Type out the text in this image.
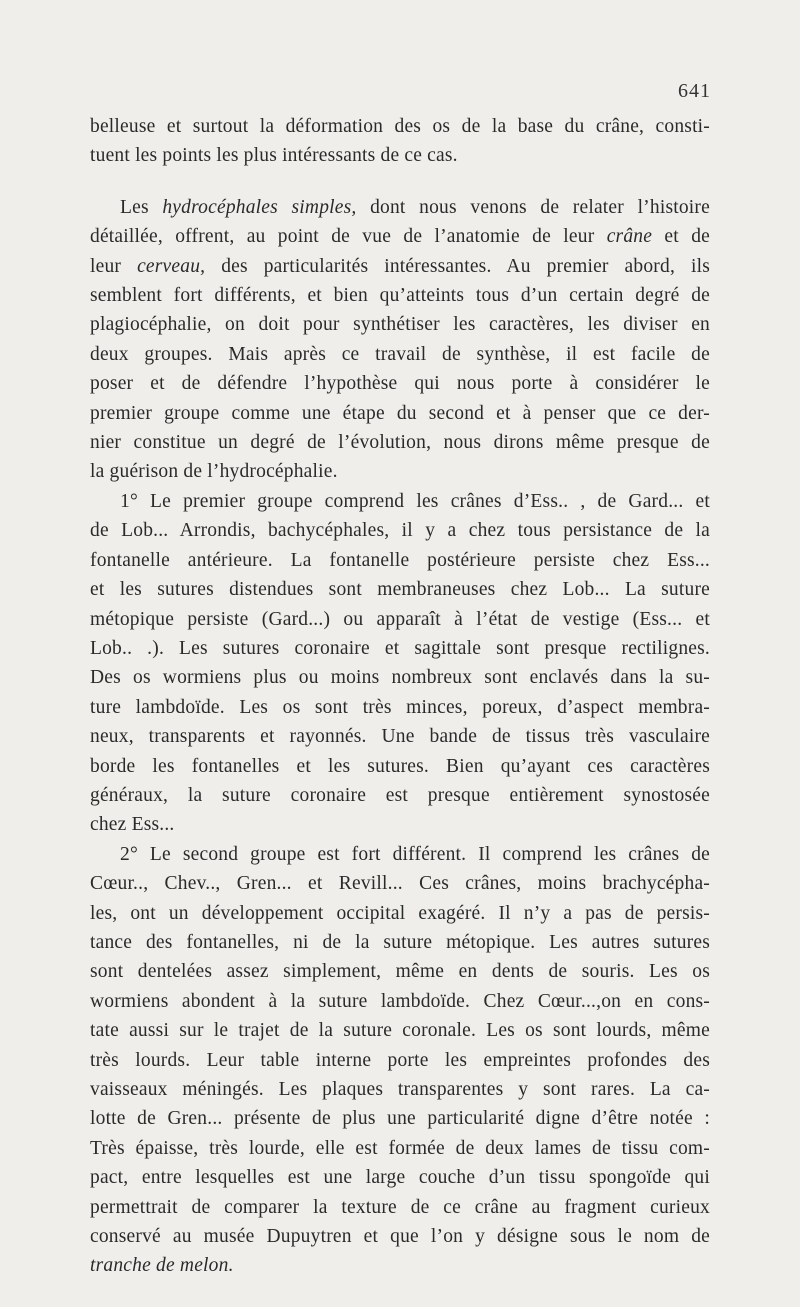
641
belleuse et surtout la déformation des os de la base du crâne, consti-
tuent les points les plus intéressants de ce cas.
Les hydrocéphales simples, dont nous venons de relater l’histoire
détaillée, offrent, au point de vue de l’anatomie de leur crâne et de
leur cerveau, des particularités intéressantes. Au premier abord, ils
semblent fort différents, et bien qu’atteints tous d’un certain degré de
plagiocéphalie, on doit pour synthétiser les caractères, les diviser en
deux groupes. Mais après ce travail de synthèse, il est facile de
poser et de défendre l’hypothèse qui nous porte à considérer le
premier groupe comme une étape du second et à penser que ce der-
nier constitue un degré de l’évolution, nous dirons même presque de
la guérison de l’hydrocéphalie.
1° Le premier groupe comprend les crânes d’Ess.. , de Gard... et
de Lob... Arrondis, bachycéphales, il y a chez tous persistance de la
fontanelle antérieure. La fontanelle postérieure persiste chez Ess...
et les sutures distendues sont membraneuses chez Lob... La suture
métopique persiste (Gard...) ou apparaît à l’état de vestige (Ess... et
Lob.. .). Les sutures coronaire et sagittale sont presque rectilignes.
Des os wormiens plus ou moins nombreux sont enclavés dans la su-
ture lambdoïde. Les os sont très minces, poreux, d’aspect membra-
neux, transparents et rayonnés. Une bande de tissus très vasculaire
borde les fontanelles et les sutures. Bien qu’ayant ces caractères
généraux, la suture coronaire est presque entièrement synostosée
chez Ess...
2° Le second groupe est fort différent. Il comprend les crânes de
Cœur.., Chev.., Gren... et Revill... Ces crânes, moins brachycépha-
les, ont un développement occipital exagéré. Il n’y a pas de persis-
tance des fontanelles, ni de la suture métopique. Les autres sutures
sont dentelées assez simplement, même en dents de souris. Les os
wormiens abondent à la suture lambdoïde. Chez Cœur...,on en cons-
tate aussi sur le trajet de la suture coronale. Les os sont lourds, même
très lourds. Leur table interne porte les empreintes profondes des
vaisseaux méningés. Les plaques transparentes y sont rares. La ca-
lotte de Gren... présente de plus une particularité digne d’être notée :
Très épaisse, très lourde, elle est formée de deux lames de tissu com-
pact, entre lesquelles est une large couche d’un tissu spongoïde qui
permettrait de comparer la texture de ce crâne au fragment curieux
conservé au musée Dupuytren et que l’on y désigne sous le nom de
tranche de melon.
